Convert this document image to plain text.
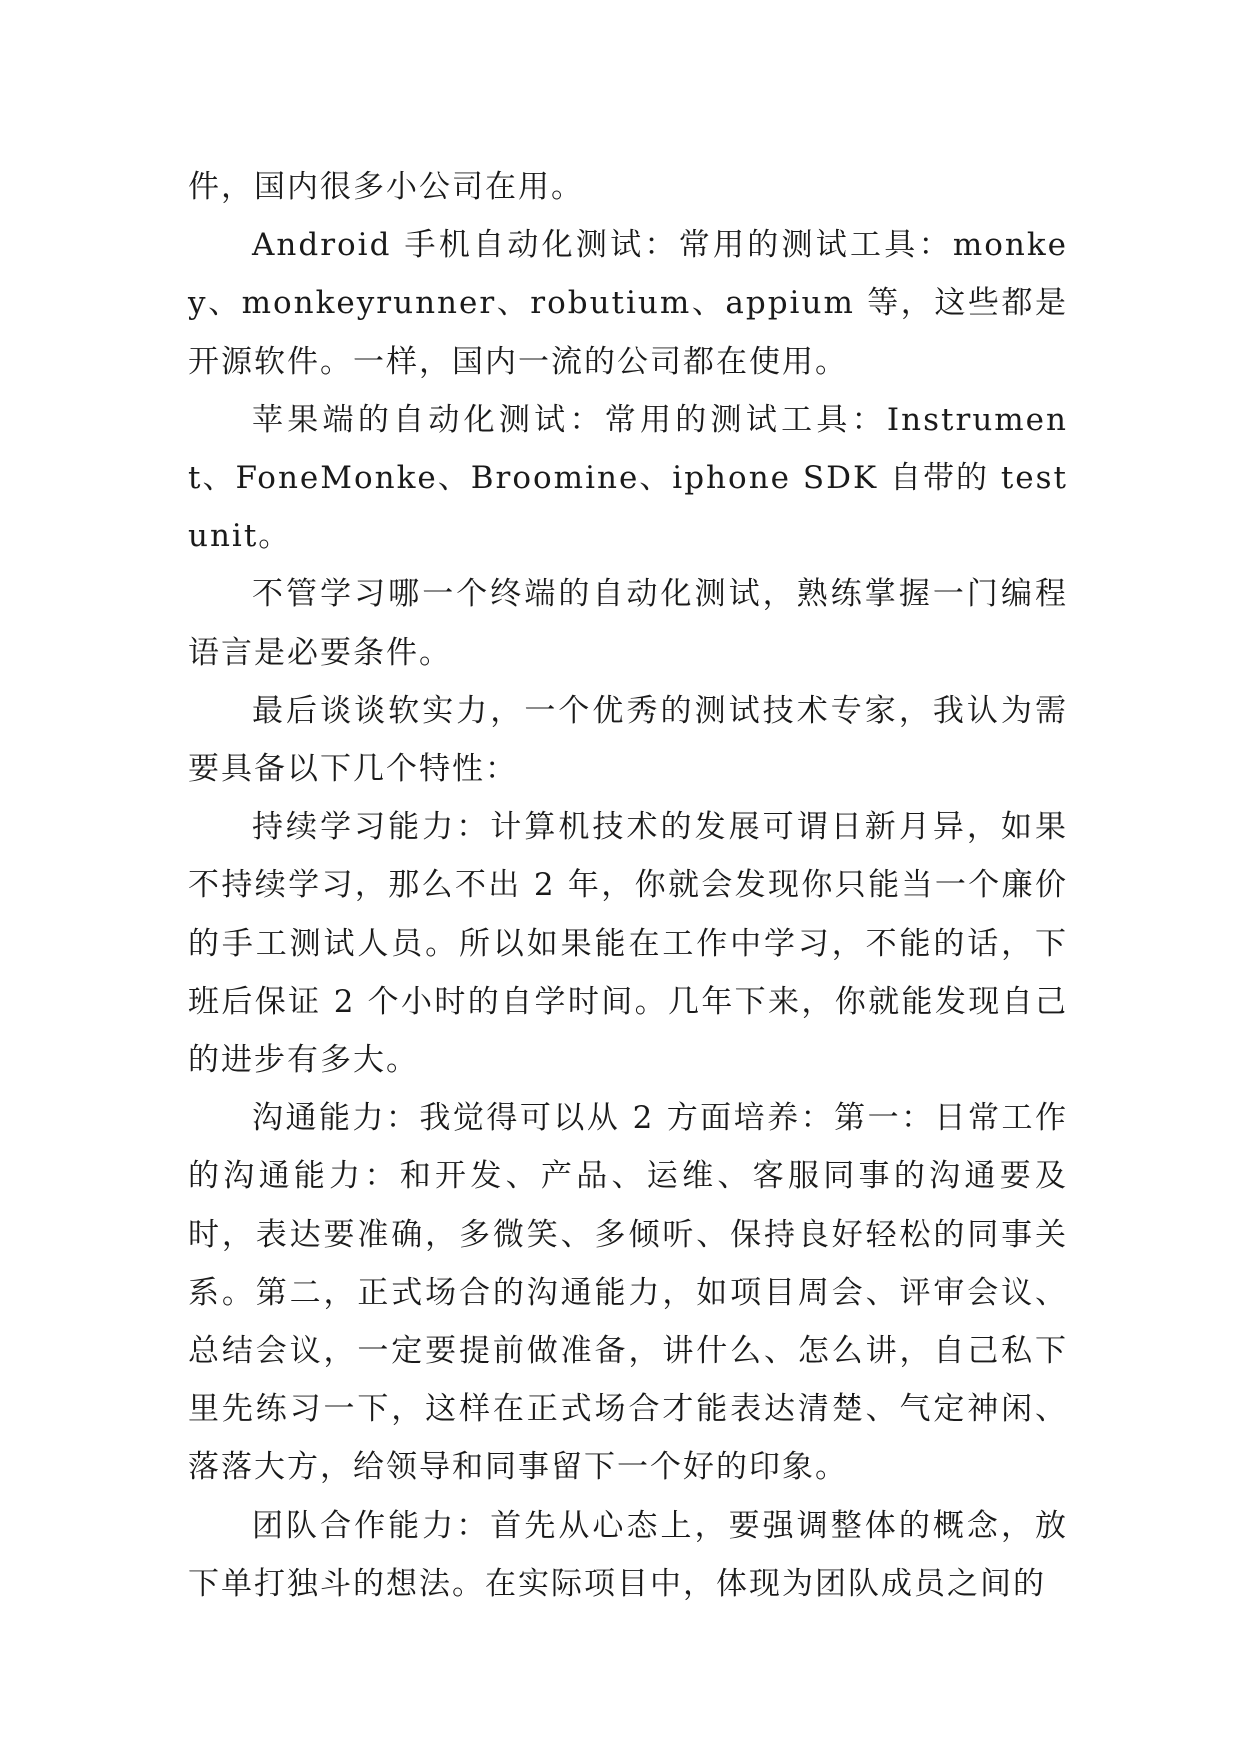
件，国内很多小公司在用。

Android 手机自动化测试：常用的测试工具：monkey、monkeyrunner、robutium、appium 等，这些都是开源软件。一样，国内一流的公司都在使用。

苹果端的自动化测试：常用的测试工具：Instrument、FoneMonke、Broomine、iphone SDK 自带的 test unit。

不管学习哪一个终端的自动化测试，熟练掌握一门编程语言是必要条件。

最后谈谈软实力，一个优秀的测试技术专家，我认为需要具备以下几个特性：

持续学习能力：计算机技术的发展可谓日新月异，如果不持续学习，那么不出 2 年，你就会发现你只能当一个廉价的手工测试人员。所以如果能在工作中学习，不能的话，下班后保证 2 个小时的自学时间。几年下来，你就能发现自己的进步有多大。

沟通能力：我觉得可以从 2 方面培养：第一：日常工作的沟通能力：和开发、产品、运维、客服同事的沟通要及时，表达要准确，多微笑、多倾听、保持良好轻松的同事关系。第二，正式场合的沟通能力，如项目周会、评审会议、总结会议，一定要提前做准备，讲什么、怎么讲，自己私下里先练习一下，这样在正式场合才能表达清楚、气定神闲、落落大方，给领导和同事留下一个好的印象。

团队合作能力：首先从心态上，要强调整体的概念，放下单打独斗的想法。在实际项目中，体现为团队成员之间的
